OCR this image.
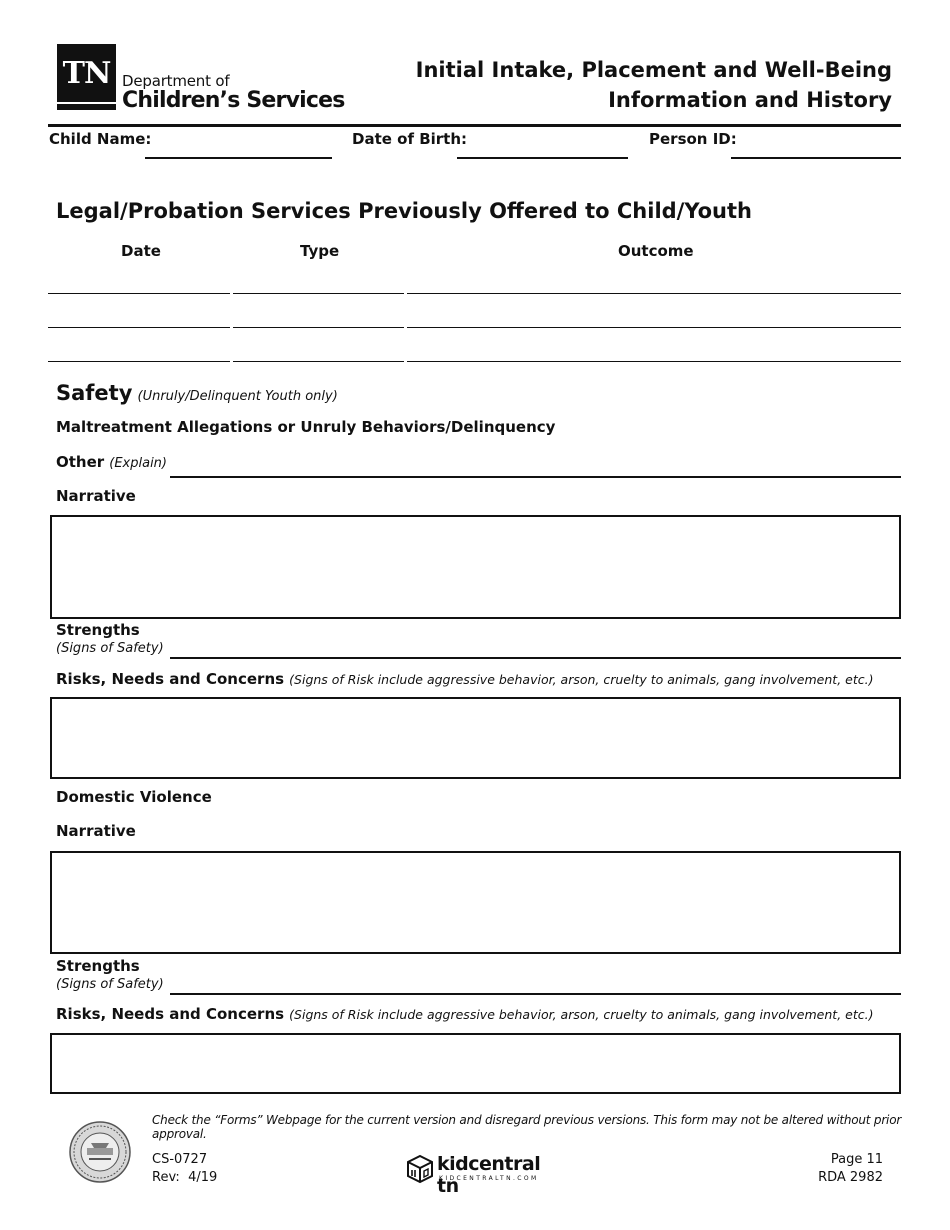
TN Department of
Children’s Services
Initial Intake, Placement and Well-Being
Information and History
Child Name:	Date of Birth:	Person ID:
Legal/Probation Services Previously Offered to Child/Youth
Date	Type	Outcome
Safety (Unruly/Delinquent Youth only)
Maltreatment Allegations or Unruly Behaviors/Delinquency
Other (Explain)
Narrative
Strengths
(Signs of Safety)
Risks, Needs and Concerns (Signs of Risk include aggressive behavior, arson, cruelty to animals, gang involvement, etc.)
Domestic Violence
Narrative
Strengths
(Signs of Safety)
Risks, Needs and Concerns (Signs of Risk include aggressive behavior, arson, cruelty to animals, gang involvement, etc.)
Check the “Forms” Webpage for the current version and disregard previous versions. This form may not be altered without prior approval.
CS-0727
Rev:  4/19
kidcentral tn
KIDCENTRALTN.COM
Page 11
RDA 2982
